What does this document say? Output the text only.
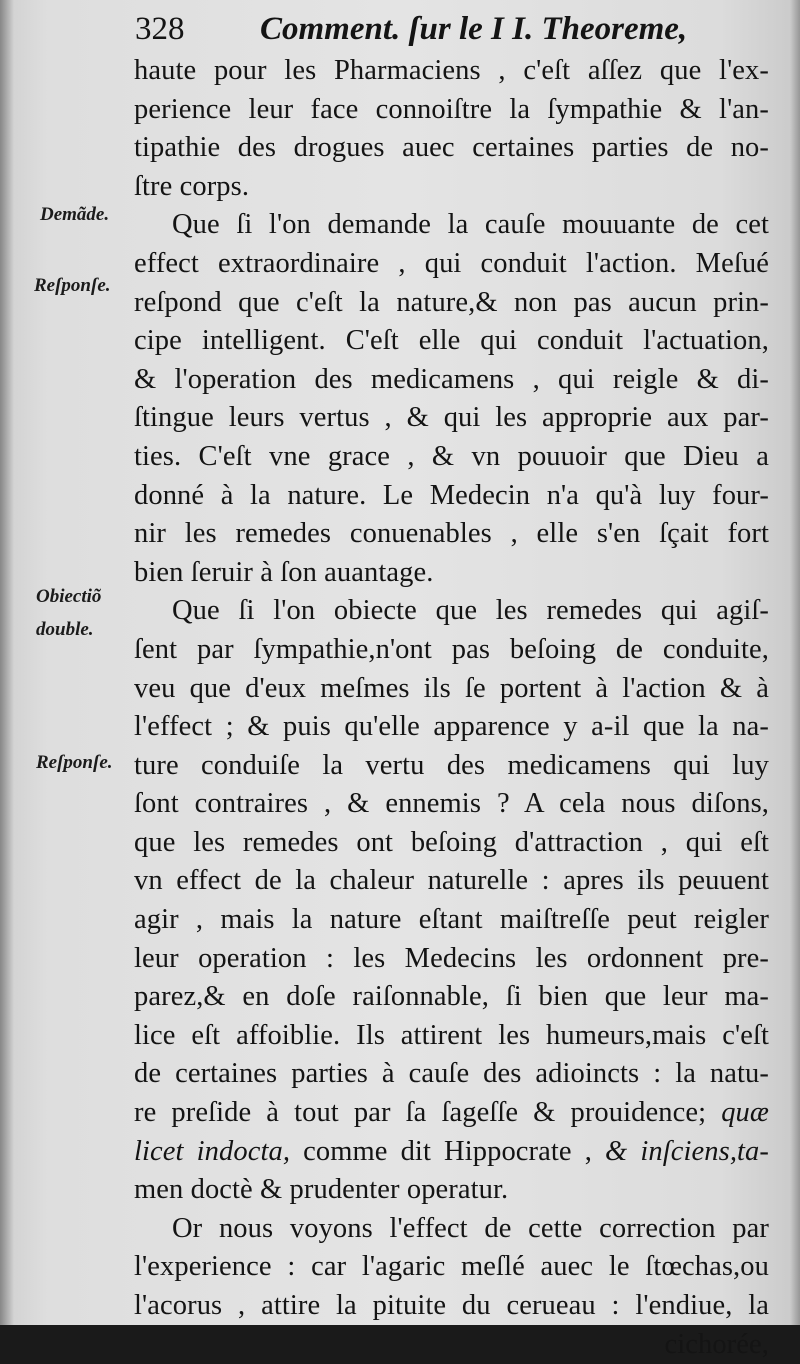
328 Comment. ſur le I I. Theoreme,
Demãde.
Reſponſe.
Obiectiõ
double.
Reſponſe.
haute pour les Pharmaciens , c'eſt aſſez que l'ex-
perience leur face connoiſtre la ſympathie & l'an-
tipathie des drogues auec certaines parties de no-
ſtre corps.
Que ſi l'on demande la cauſe mouuante de cet
effect extraordinaire , qui conduit l'action. Meſué
reſpond que c'eſt la nature,& non pas aucun prin-
cipe intelligent. C'eſt elle qui conduit l'actuation,
& l'operation des medicamens , qui reigle & di-
ſtingue leurs vertus , & qui les approprie aux par-
ties. C'eſt vne grace , & vn pouuoir que Dieu a
donné à la nature. Le Medecin n'a qu'à luy four-
nir les remedes conuenables , elle s'en ſçait fort
bien ſeruir à ſon auantage.
Que ſi l'on obiecte que les remedes qui agiſ-
ſent par ſympathie,n'ont pas beſoing de conduite,
veu que d'eux meſmes ils ſe portent à l'action & à
l'effect ; & puis qu'elle apparence y a-il que la na-
ture conduiſe la vertu des medicamens qui luy
ſont contraires , & ennemis ? A cela nous diſons,
que les remedes ont beſoing d'attraction , qui eſt
vn effect de la chaleur naturelle : apres ils peuuent
agir , mais la nature eſtant maiſtreſſe peut reigler
leur operation : les Medecins les ordonnent pre-
parez,& en doſe raiſonnable, ſi bien que leur ma-
lice eſt affoiblie. Ils attirent les humeurs,mais c'eſt
de certaines parties à cauſe des adioincts : la natu-
re preſide à tout par ſa ſageſſe & prouidence; quæ
licet indocta, comme dit Hippocrate , & inſciens,ta-
men doctè & prudenter operatur.
Or nous voyons l'effect de cette correction par
l'experience : car l'agaric meſlé auec le ſtœchas,ou
l'acorus , attire la pituite du cerueau : l'endiue, la
cichorée,
